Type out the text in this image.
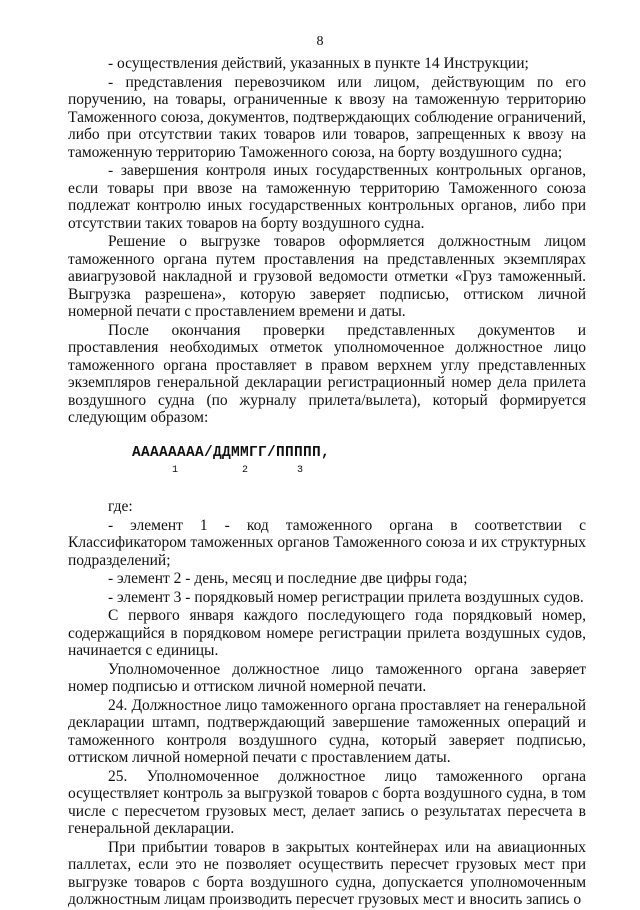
8

- осуществления действий, указанных в пункте 14 Инструкции;

- представления перевозчиком или лицом, действующим по его поручению, на товары, ограниченные к ввозу на таможенную территорию Таможенного союза, документов, подтверждающих соблюдение ограничений, либо при отсутствии таких товаров или товаров, запрещенных к ввозу на таможенную территорию Таможенного союза, на борту воздушного судна;

- завершения контроля иных государственных контрольных органов, если товары при ввозе на таможенную территорию Таможенного союза подлежат контролю иных государственных контрольных органов, либо при отсутствии таких товаров на борту воздушного судна.

Решение о выгрузке товаров оформляется должностным лицом таможенного органа путем проставления на представленных экземплярах авиагрузовой накладной и грузовой ведомости отметки «Груз таможенный. Выгрузка разрешена», которую заверяет подписью, оттиском личной номерной печати с проставлением времени и даты.

После окончания проверки представленных документов и проставления необходимых отметок уполномоченное должностное лицо таможенного органа проставляет в правом верхнем углу представленных экземпляров генеральной декларации регистрационный номер дела прилета воздушного судна (по журналу прилета/вылета), который формируется следующим образом:

АААААААА/ДДММГГ/ППППП,
1	2	3

где:

- элемент 1 - код таможенного органа в соответствии с Классификатором таможенных органов Таможенного союза и их структурных подразделений;

- элемент 2 - день, месяц и последние две цифры года;

- элемент 3 - порядковый номер регистрации прилета воздушных судов.

С первого января каждого последующего года порядковый номер, содержащийся в порядковом номере регистрации прилета воздушных судов, начинается с единицы.

Уполномоченное должностное лицо таможенного органа заверяет номер подписью и оттиском личной номерной печати.

24. Должностное лицо таможенного органа проставляет на генеральной декларации штамп, подтверждающий завершение таможенных операций и таможенного контроля воздушного судна, который заверяет подписью, оттиском личной номерной печати с проставлением даты.

25. Уполномоченное должностное лицо таможенного органа осуществляет контроль за выгрузкой товаров с борта воздушного судна, в том числе с пересчетом грузовых мест, делает запись о результатах пересчета в генеральной декларации.

При прибытии товаров в закрытых контейнерах или на авиационных паллетах, если это не позволяет осуществить пересчет грузовых мест при выгрузке товаров с борта воздушного судна, допускается уполномоченным должностным лицам производить пересчет грузовых мест и вносить запись о
